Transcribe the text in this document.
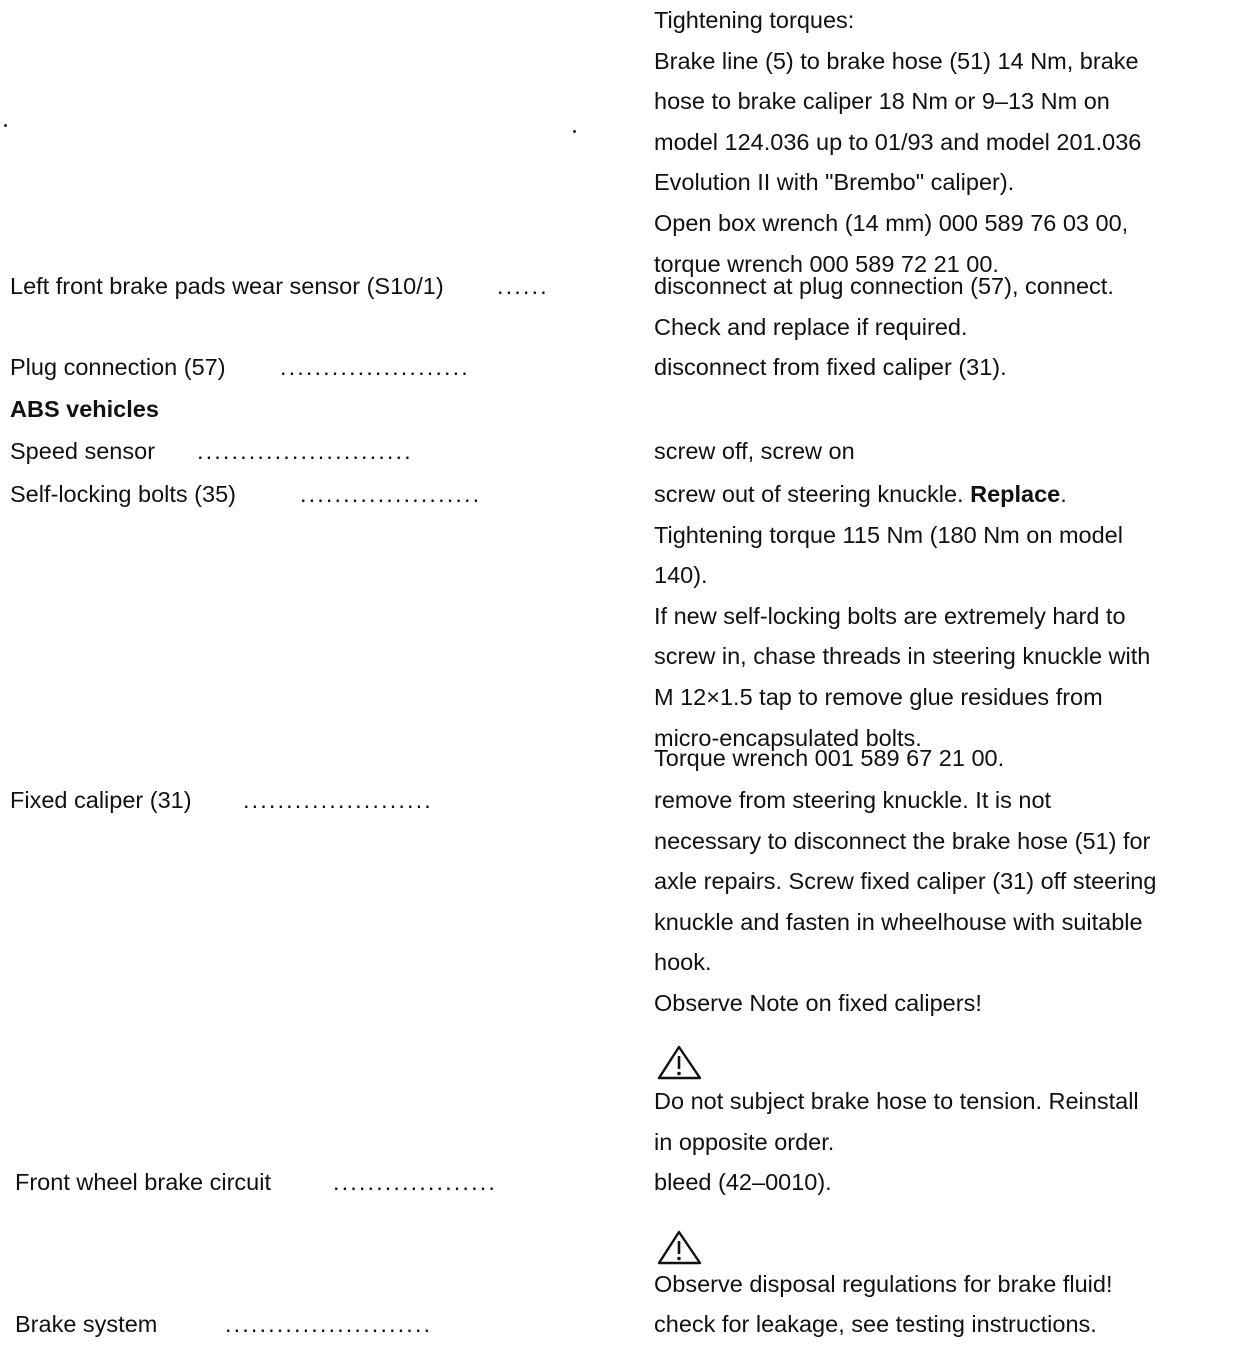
Tightening torques:
Brake line (5) to brake hose (51) 14 Nm, brake
hose to brake caliper 18 Nm or 9–13 Nm on
model 124.036 up to 01/93 and model 201.036
Evolution II with "Brembo" caliper).
Open box wrench (14 mm) 000 589 76 03 00,
torque wrench 000 589 72 21 00.
Left front brake pads wear sensor (S10/1) ......	disconnect at plug connection (57), connect.
Check and replace if required.
Plug connection (57) ......................	disconnect from fixed caliper (31).
ABS vehicles
Speed sensor .........................	screw off, screw on
Self-locking bolts (35)	.....................	screw out of steering knuckle. Replace.
Tightening torque 115 Nm (180 Nm on model
140).
If new self-locking bolts are extremely hard to
screw in, chase threads in steering knuckle with
M 12×1.5 tap to remove glue residues from
micro-encapsulated bolts.
Torque wrench 001 589 67 21 00.
Fixed caliper (31) ......................	remove from steering knuckle. It is not
necessary to disconnect the brake hose (51) for
axle repairs. Screw fixed caliper (31) off steering
knuckle and fasten in wheelhouse with suitable
hook.
Observe Note on fixed calipers!
Do not subject brake hose to tension. Reinstall
in opposite order.
Front wheel brake circuit	...................	bleed (42–0010).
Observe disposal regulations for brake fluid!
Brake system	........................	check for leakage, see testing instructions.
